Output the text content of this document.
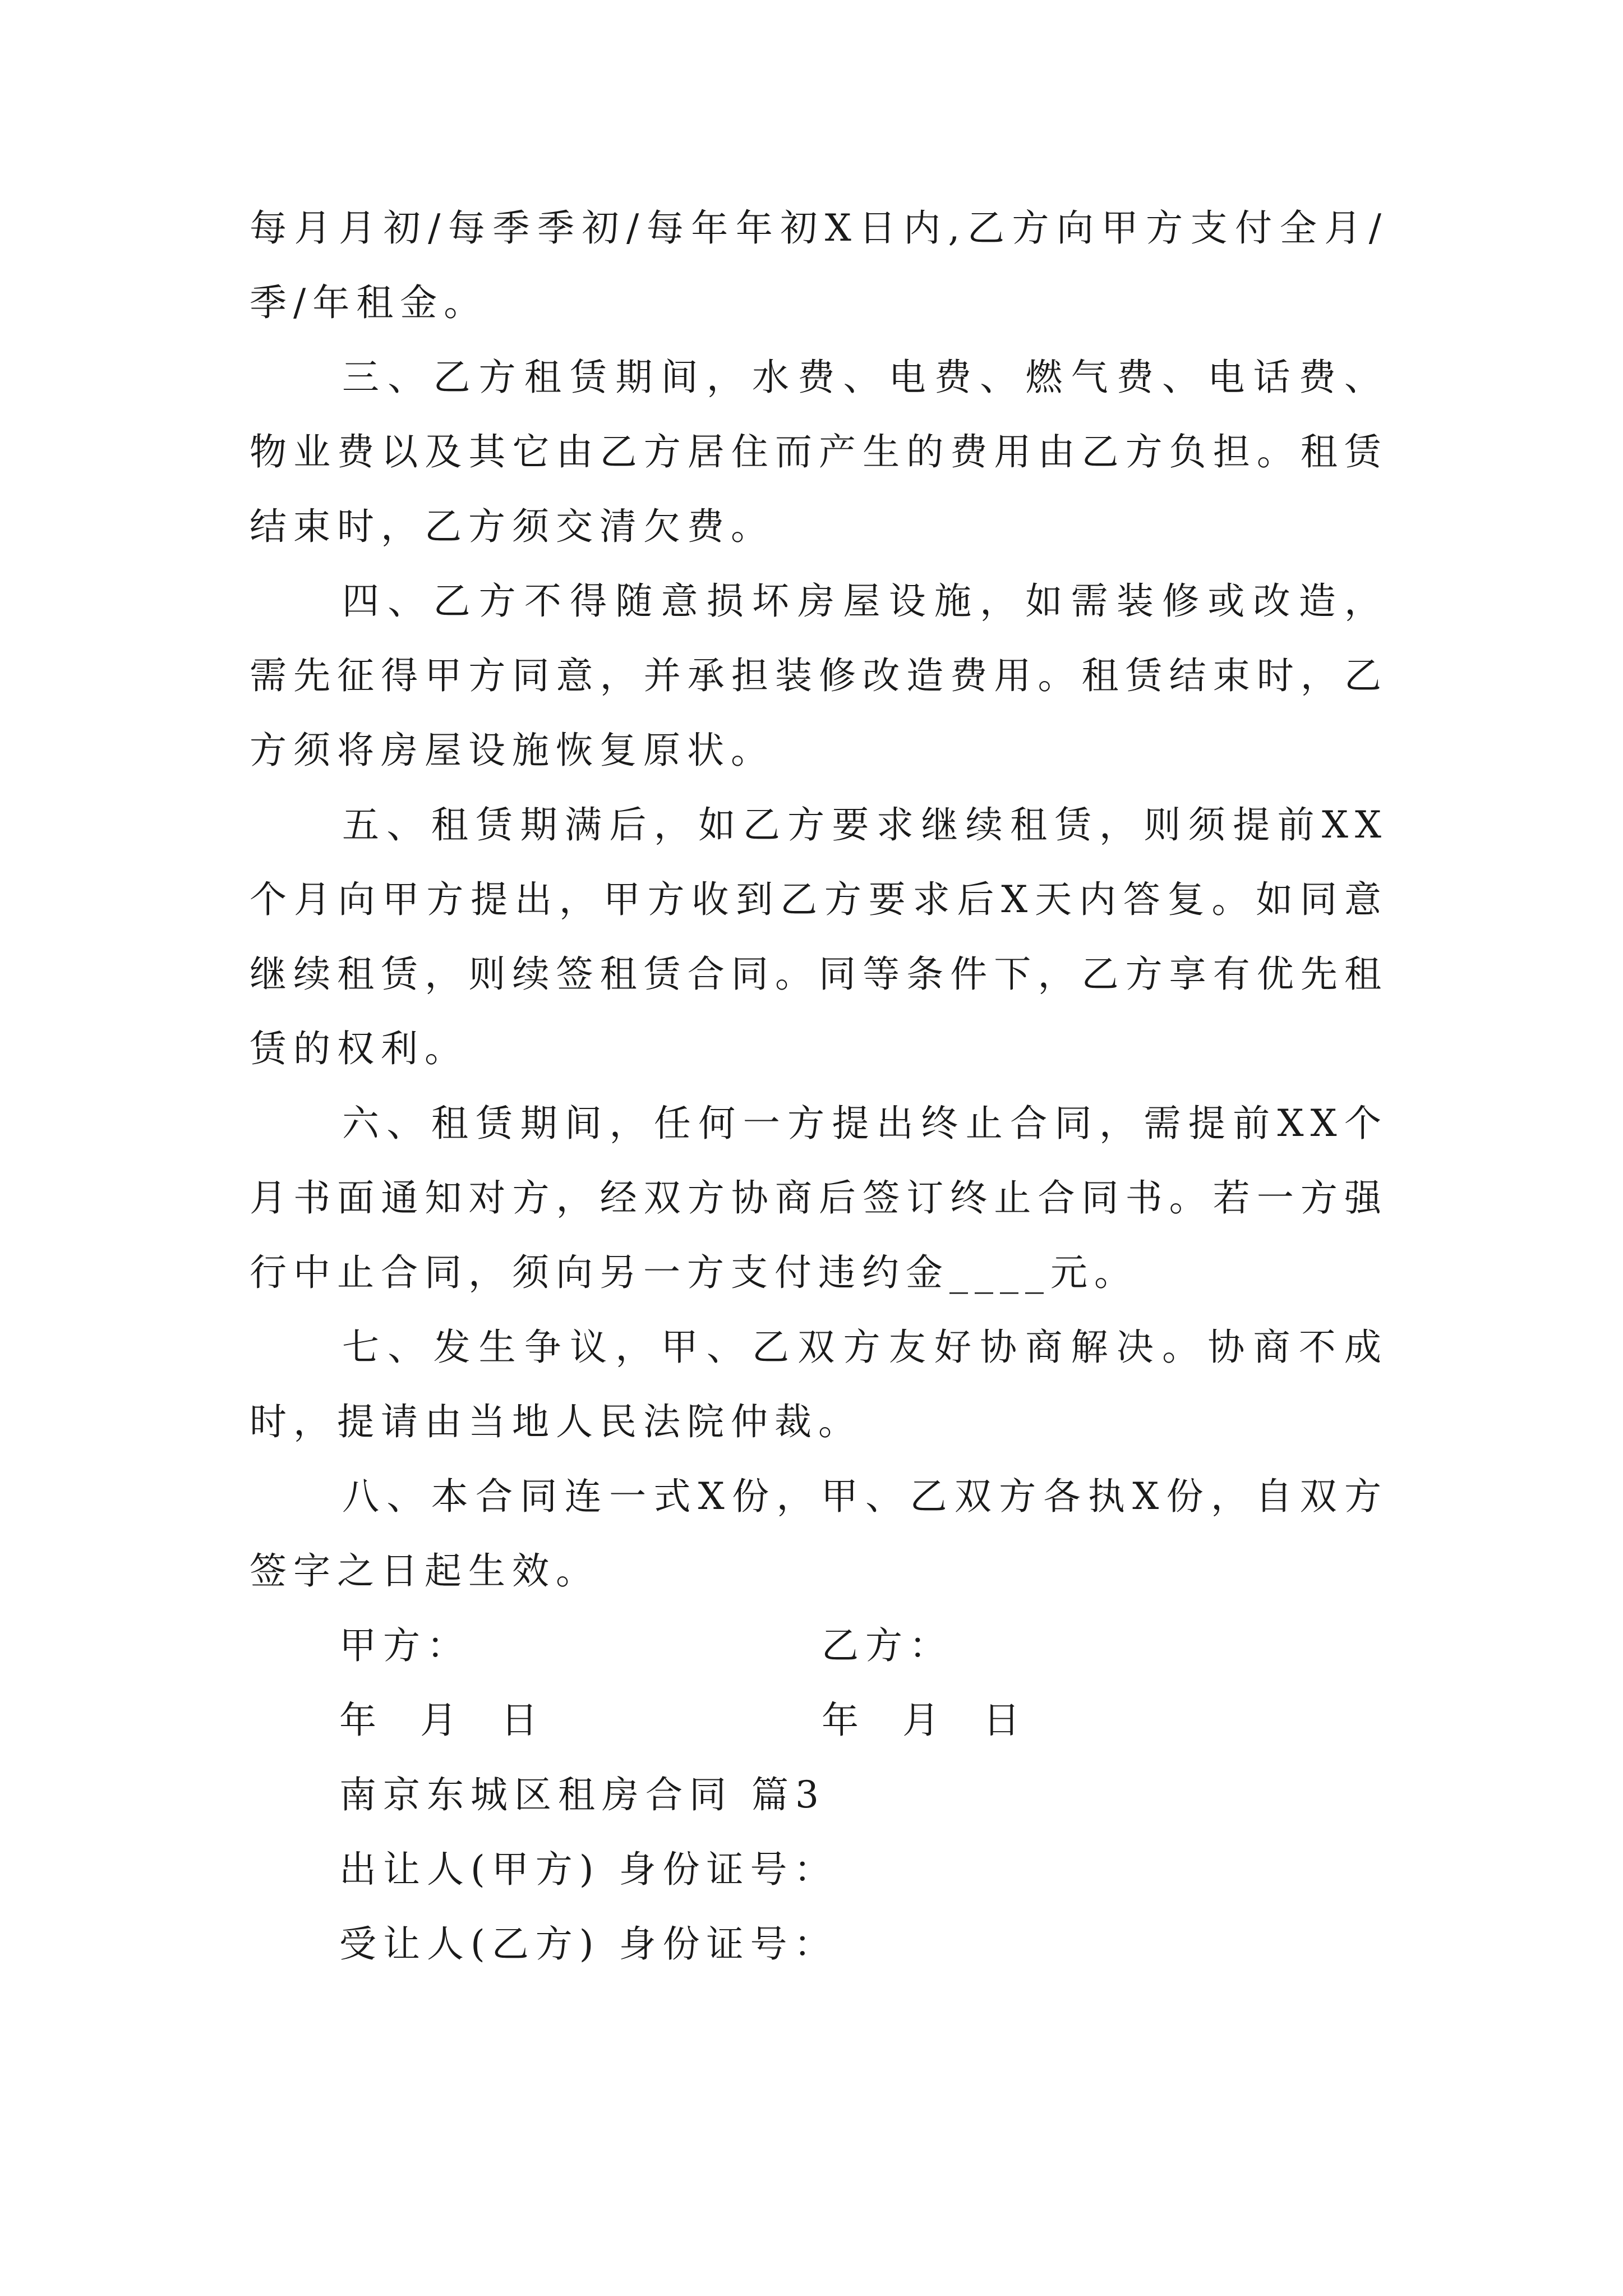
每月月初/每季季初/每年年初X日内,乙方向甲方支付全月/季/年租金。

三、乙方租赁期间，水费、电费、燃气费、电话费、物业费以及其它由乙方居住而产生的费用由乙方负担。租赁结束时，乙方须交清欠费。

四、乙方不得随意损坏房屋设施，如需装修或改造，需先征得甲方同意，并承担装修改造费用。租赁结束时，乙方须将房屋设施恢复原状。

五、租赁期满后，如乙方要求继续租赁，则须提前XX个月向甲方提出，甲方收到乙方要求后X天内答复。如同意继续租赁，则续签租赁合同。同等条件下，乙方享有优先租赁的权利。

六、租赁期间，任何一方提出终止合同，需提前XX个月书面通知对方，经双方协商后签订终止合同书。若一方强行中止合同，须向另一方支付违约金____元。

七、发生争议，甲、乙双方友好协商解决。协商不成时，提请由当地人民法院仲裁。

八、本合同连一式X份，甲、乙双方各执X份，自双方签字之日起生效。

甲方：

	乙方：

年  月  日

	年  月  日

南京东城区租房合同 篇3

出让人(甲方) 身份证号：

受让人(乙方) 身份证号：
